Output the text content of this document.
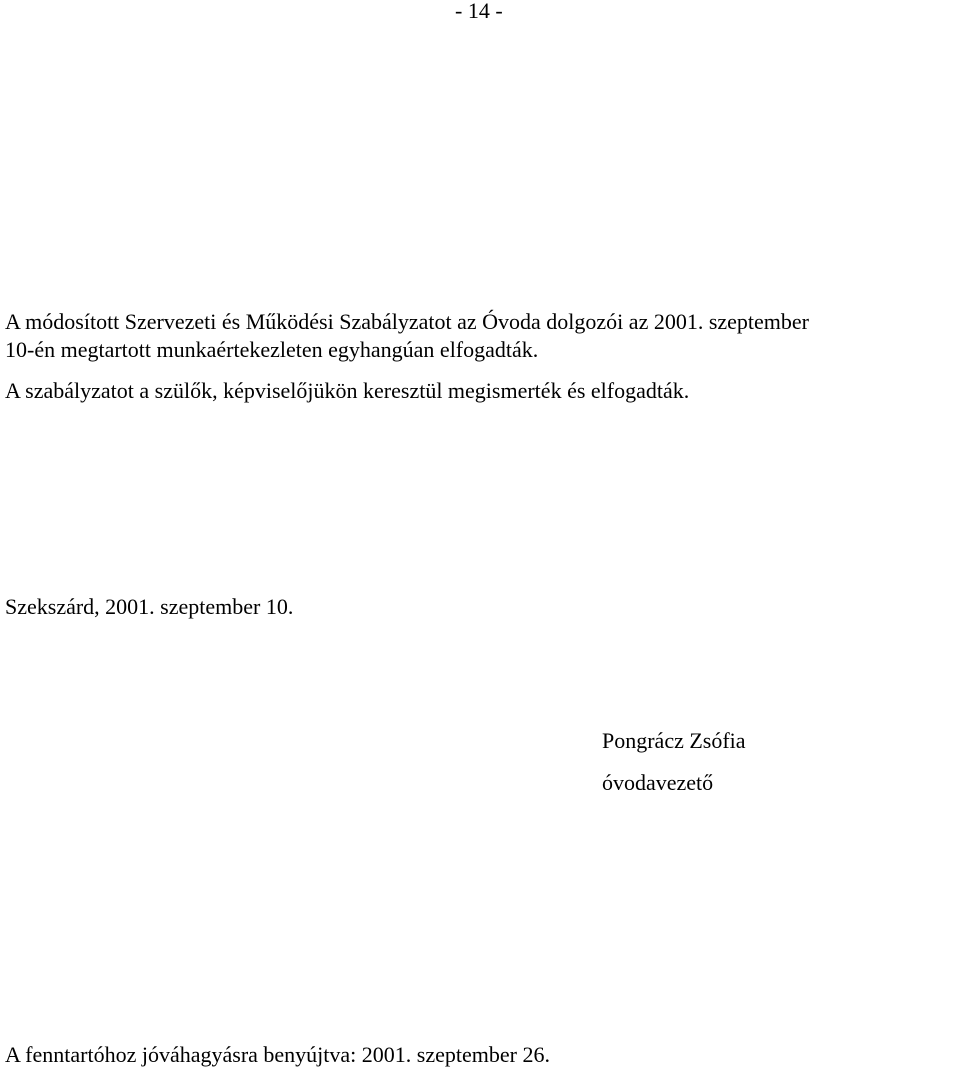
- 14 -
A módosított Szervezeti és Működési Szabályzatot az Óvoda dolgozói az 2001. szeptember
10-én megtartott munkaértekezleten egyhangúan elfogadták.
A szabályzatot a szülők, képviselőjükön keresztül megismerték és elfogadták.
Szekszárd, 2001. szeptember 10.
Pongrácz Zsófia
óvodavezető
A fenntartóhoz jóváhagyásra benyújtva: 2001. szeptember 26.
